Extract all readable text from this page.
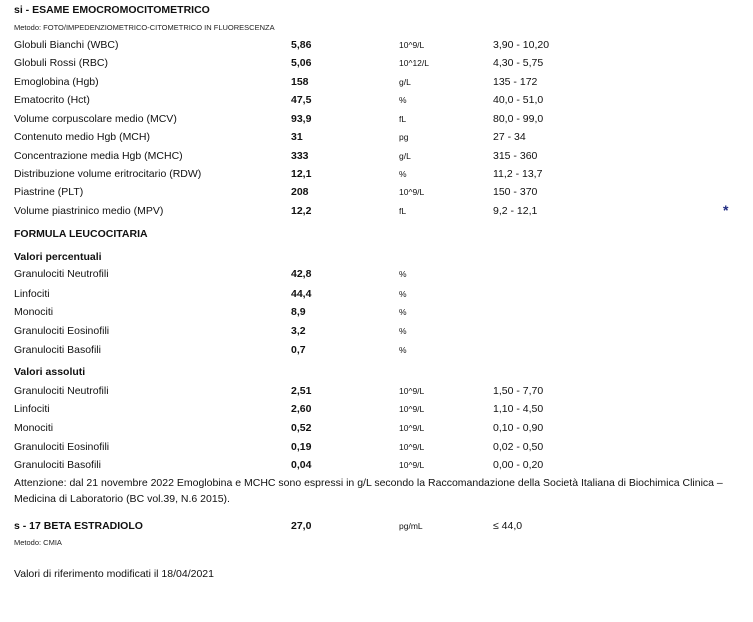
si - ESAME EMOCROMOCITOMETRICO
Metodo: FOTO/IMPEDENZIOMETRICO-CITOMETRICO IN FLUORESCENZA
Globuli Bianchi (WBC)	5,86	10^9/L	3,90 - 10,20
Globuli Rossi (RBC)	5,06	10^12/L	4,30 - 5,75
Emoglobina (Hgb)	158	g/L	135 - 172
Ematocrito (Hct)	47,5	%	40,0 - 51,0
Volume corpuscolare medio (MCV)	93,9	fL	80,0 - 99,0
Contenuto medio Hgb (MCH)	31	pg	27 - 34
Concentrazione media Hgb (MCHC)	333	g/L	315 - 360
Distribuzione volume eritrocitario (RDW)	12,1	%	11,2 - 13,7
Piastrine (PLT)	208	10^9/L	150 - 370
Volume piastrinico medio (MPV)	12,2	fL	9,2 - 12,1	*
FORMULA LEUCOCITARIA
Valori percentuali
Granulociti Neutrofili	42,8	%
Linfociti	44,4	%
Monociti	8,9	%
Granulociti Eosinofili	3,2	%
Granulociti Basofili	0,7	%
Valori assoluti
Granulociti Neutrofili	2,51	10^9/L	1,50 - 7,70
Linfociti	2,60	10^9/L	1,10 - 4,50
Monociti	0,52	10^9/L	0,10 - 0,90
Granulociti Eosinofili	0,19	10^9/L	0,02 - 0,50
Granulociti Basofili	0,04	10^9/L	0,00 - 0,20
Attenzione: dal 21 novembre 2022 Emoglobina e MCHC sono espressi in g/L secondo la Raccomandazione della Società Italiana di Biochimica Clinica – Medicina di Laboratorio (BC vol.39, N.6 2015).
s - 17 BETA ESTRADIOLO	27,0	pg/mL	≤ 44,0
Metodo: CMIA
Valori di riferimento modificati il 18/04/2021
